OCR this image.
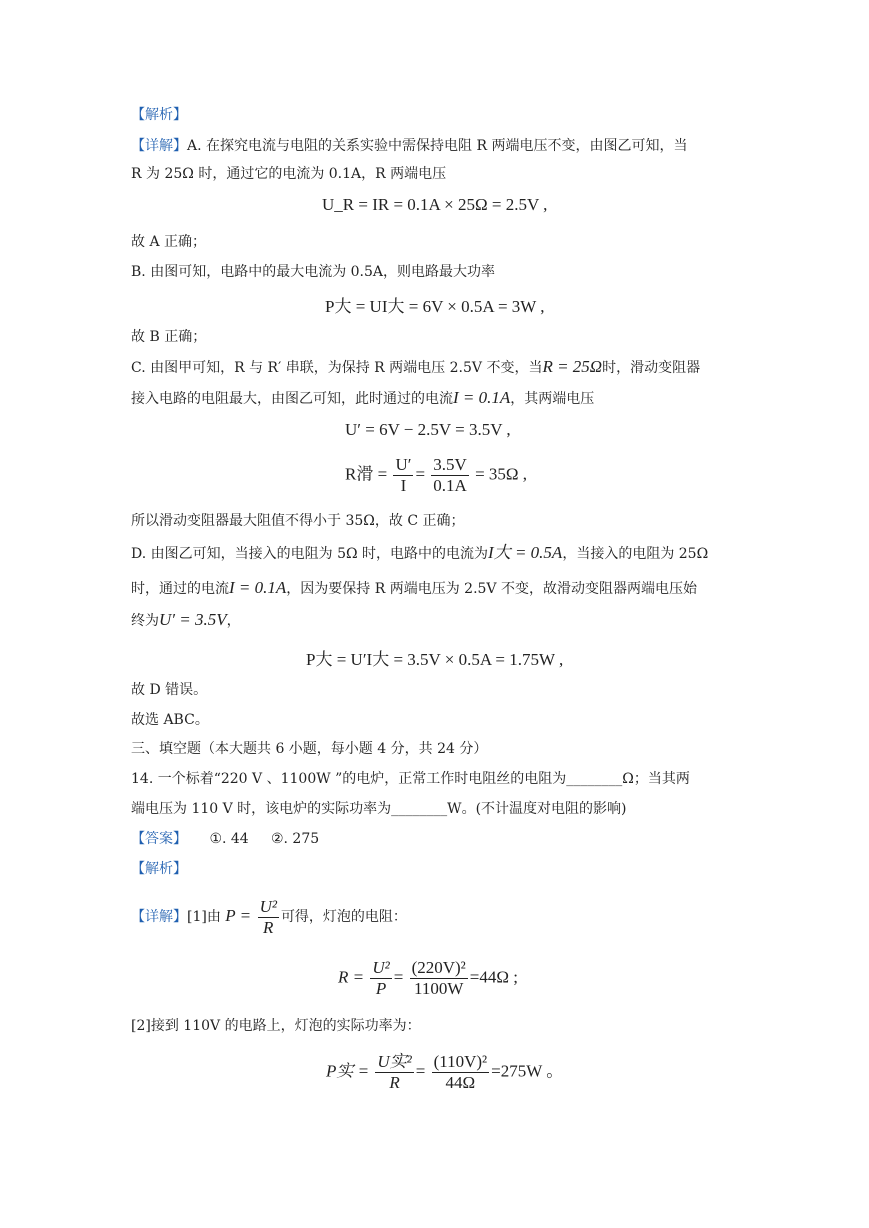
【解析】
【详解】A. 在探究电流与电阻的关系实验中需保持电阻 R 两端电压不变，由图乙可知，当
R 为 25Ω 时，通过它的电流为 0.1A，R 两端电压
U_R = IR = 0.1A × 25Ω = 2.5V ,
故 A 正确；
B. 由图可知，电路中的最大电流为 0.5A，则电路最大功率
P大 = UI大 = 6V × 0.5A = 3W ,
故 B 正确；
C. 由图甲可知，R 与 R′ 串联，为保持 R 两端电压 2.5V 不变，当R = 25Ω时，滑动变阻器
接入电路的电阻最大，由图乙可知，此时通过的电流I = 0.1A，其两端电压
U′ = 6V − 2.5V = 3.5V ,
R滑 = $\frac{U'}{I} = \frac{3.5V}{0.1A} = 35\Omega$ ,
所以滑动变阻器最大阻值不得小于 35Ω，故 C 正确；
D. 由图乙可知，当接入的电阻为 5Ω 时，电路中的电流为I大 = 0.5A，当接入的电阻为 25Ω
时，通过的电流I = 0.1A，因为要保持 R 两端电压为 2.5V 不变，故滑动变阻器两端电压始
终为U′ = 3.5V，
P大 = U′I大 = 3.5V × 0.5A = 1.75W ,
故 D 错误。
故选 ABC。
三、填空题（本大题共 6 小题，每小题 4 分，共 24 分）
14. 一个标着“220 V 、1100W ”的电炉，正常工作时电阻丝的电阻为________Ω；当其两
端电压为 110 V 时，该电炉的实际功率为________W。(不计温度对电阻的影响)
【答案】 ①. 44     ②. 275
【解析】
【详解】[1]由 $P = \frac{\text{U²}}{R}$ 可得，灯泡的电阻：
$R = \frac{\text{U²}}{P} = \frac{\text{(220V)²}}{1100W} =44\Omega$ ;
[2]接到 110V 的电路上，灯泡的实际功率为：
P实 = $\frac{\text{U实²}}{R} = \frac{\text{(110V)²}}{44\Omega} =275W$ 。
